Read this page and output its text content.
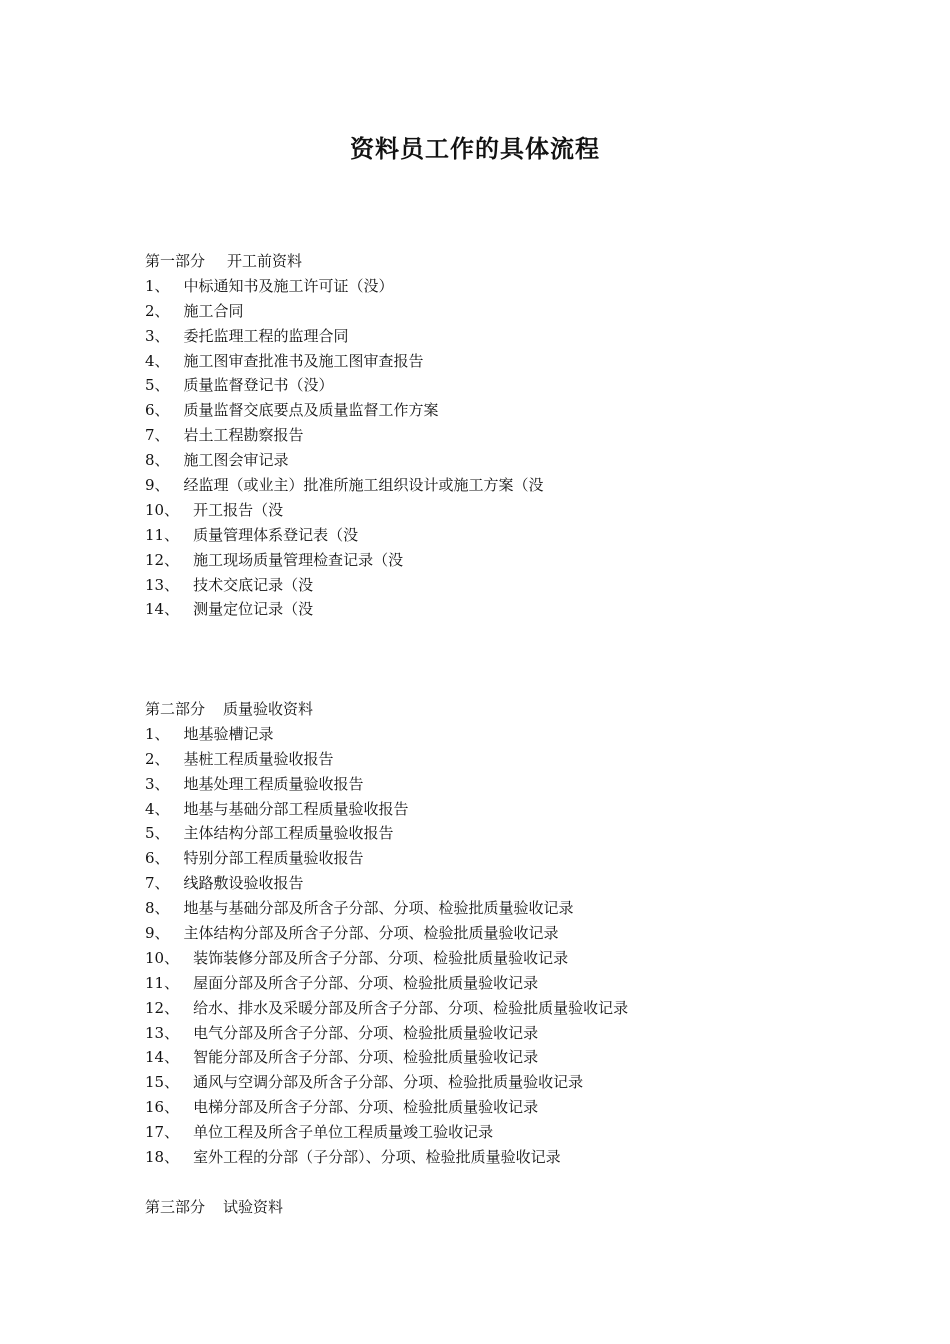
资料员工作的具体流程
第一部分 开工前资料
1、 中标通知书及施工许可证（没）
2、 施工合同
3、 委托监理工程的监理合同
4、 施工图审查批准书及施工图审查报告
5、 质量监督登记书（没）
6、 质量监督交底要点及质量监督工作方案
7、 岩土工程勘察报告
8、 施工图会审记录
9、 经监理（或业主）批准所施工组织设计或施工方案（没
10、 开工报告（没
11、 质量管理体系登记表（没
12、 施工现场质量管理检查记录（没
13、 技术交底记录（没
14、 测量定位记录（没
第二部分 质量验收资料
1、 地基验槽记录
2、 基桩工程质量验收报告
3、 地基处理工程质量验收报告
4、 地基与基础分部工程质量验收报告
5、 主体结构分部工程质量验收报告
6、 特别分部工程质量验收报告
7、 线路敷设验收报告
8、 地基与基础分部及所含子分部、分项、检验批质量验收记录
9、 主体结构分部及所含子分部、分项、检验批质量验收记录
10、 装饰装修分部及所含子分部、分项、检验批质量验收记录
11、 屋面分部及所含子分部、分项、检验批质量验收记录
12、 给水、排水及采暖分部及所含子分部、分项、检验批质量验收记录
13、 电气分部及所含子分部、分项、检验批质量验收记录
14、 智能分部及所含子分部、分项、检验批质量验收记录
15、 通风与空调分部及所含子分部、分项、检验批质量验收记录
16、 电梯分部及所含子分部、分项、检验批质量验收记录
17、 单位工程及所含子单位工程质量竣工验收记录
18、 室外工程的分部（子分部）、分项、检验批质量验收记录
第三部分 试验资料
